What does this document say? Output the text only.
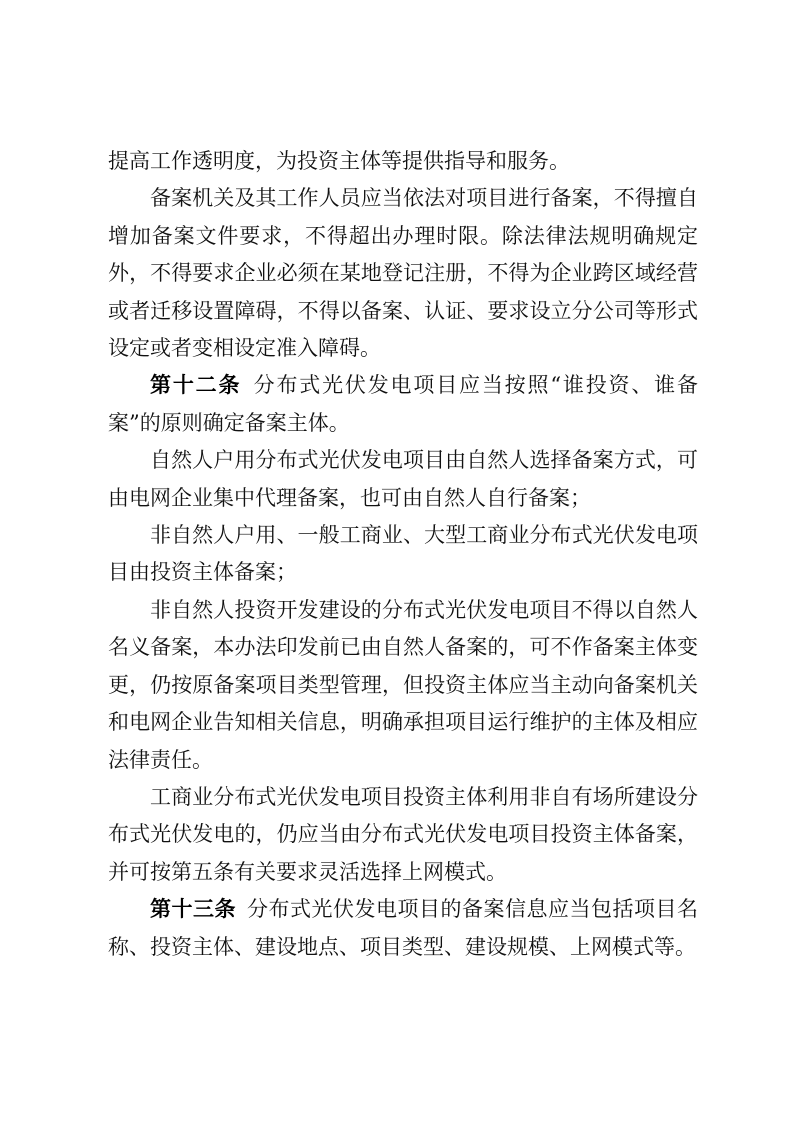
提高工作透明度，为投资主体等提供指导和服务。

备案机关及其工作人员应当依法对项目进行备案，不得擅自增加备案文件要求，不得超出办理时限。除法律法规明确规定外，不得要求企业必须在某地登记注册，不得为企业跨区域经营或者迁移设置障碍，不得以备案、认证、要求设立分公司等形式设定或者变相设定准入障碍。

第十二条  分布式光伏发电项目应当按照“谁投资、谁备案”的原则确定备案主体。

自然人户用分布式光伏发电项目由自然人选择备案方式，可由电网企业集中代理备案，也可由自然人自行备案；

非自然人户用、一般工商业、大型工商业分布式光伏发电项目由投资主体备案；

非自然人投资开发建设的分布式光伏发电项目不得以自然人名义备案，本办法印发前已由自然人备案的，可不作备案主体变更，仍按原备案项目类型管理，但投资主体应当主动向备案机关和电网企业告知相关信息，明确承担项目运行维护的主体及相应法律责任。

工商业分布式光伏发电项目投资主体利用非自有场所建设分布式光伏发电的，仍应当由分布式光伏发电项目投资主体备案，并可按第五条有关要求灵活选择上网模式。

第十三条  分布式光伏发电项目的备案信息应当包括项目名称、投资主体、建设地点、项目类型、建设规模、上网模式等。
